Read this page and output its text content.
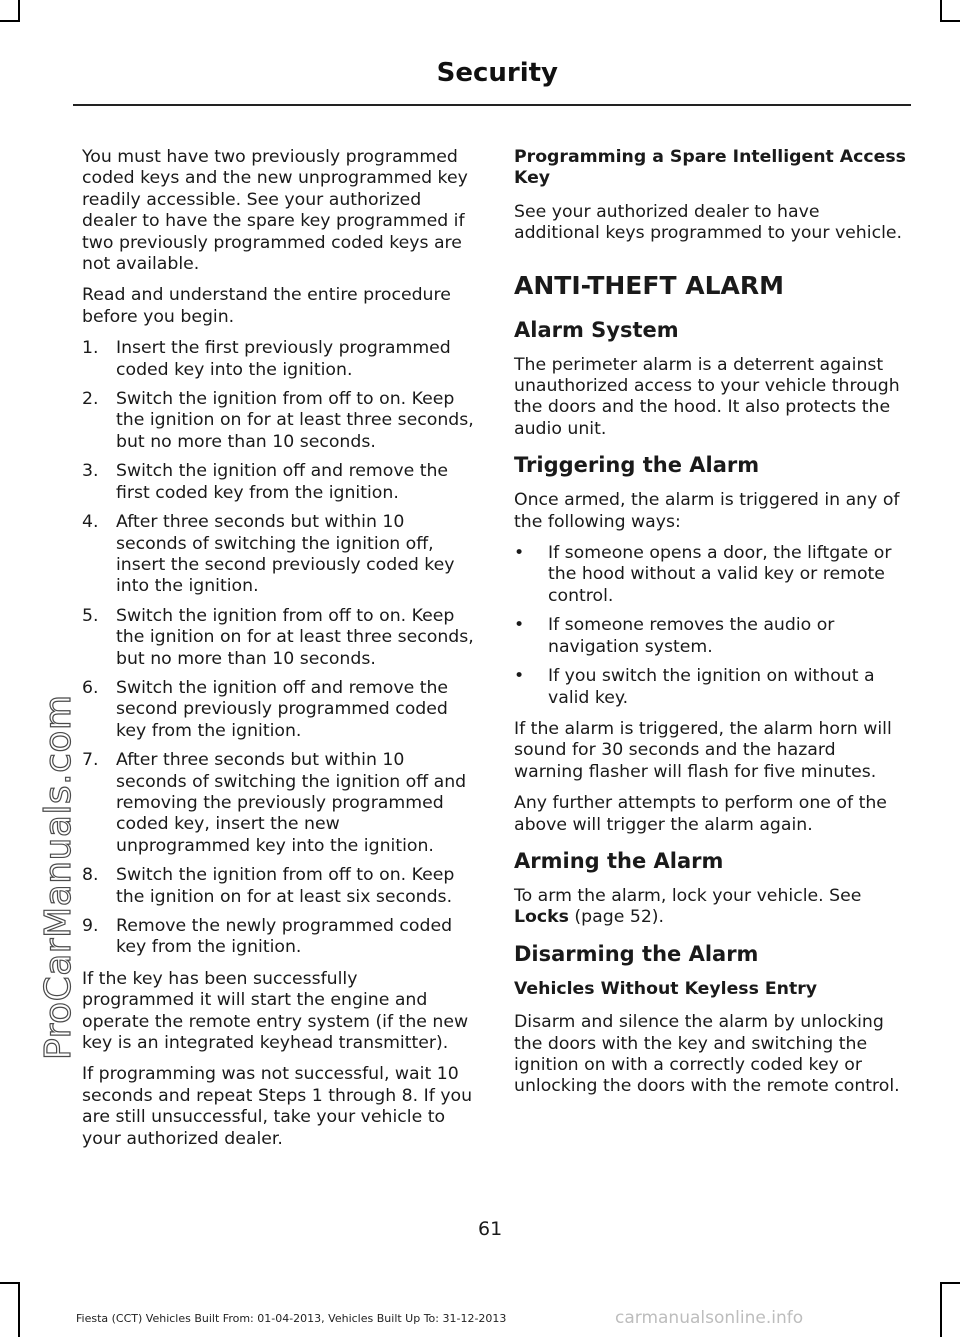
ProCarManuals.com
Security

You must have two previously programmed coded keys and the new unprogrammed key readily accessible. See your authorized dealer to have the spare key programmed if two previously programmed coded keys are not available.

Read and understand the entire procedure before you begin.

1. Insert the first previously programmed coded key into the ignition.
2. Switch the ignition from off to on. Keep the ignition on for at least three seconds, but no more than 10 seconds.
3. Switch the ignition off and remove the first coded key from the ignition.
4. After three seconds but within 10 seconds of switching the ignition off, insert the second previously coded key into the ignition.
5. Switch the ignition from off to on. Keep the ignition on for at least three seconds, but no more than 10 seconds.
6. Switch the ignition off and remove the second previously programmed coded key from the ignition.
7. After three seconds but within 10 seconds of switching the ignition off and removing the previously programmed coded key, insert the new unprogrammed key into the ignition.
8. Switch the ignition from off to on. Keep the ignition on for at least six seconds.
9. Remove the newly programmed coded key from the ignition.

If the key has been successfully programmed it will start the engine and operate the remote entry system (if the new key is an integrated keyhead transmitter).

If programming was not successful, wait 10 seconds and repeat Steps 1 through 8. If you are still unsuccessful, take your vehicle to your authorized dealer.

Programming a Spare Intelligent Access Key

See your authorized dealer to have additional keys programmed to your vehicle.

ANTI-THEFT ALARM
Alarm System

The perimeter alarm is a deterrent against unauthorized access to your vehicle through the doors and the hood. It also protects the audio unit.

Triggering the Alarm

Once armed, the alarm is triggered in any of the following ways:

• If someone opens a door, the liftgate or the hood without a valid key or remote control.
• If someone removes the audio or navigation system.
• If you switch the ignition on without a valid key.

If the alarm is triggered, the alarm horn will sound for 30 seconds and the hazard warning flasher will flash for five minutes.

Any further attempts to perform one of the above will trigger the alarm again.

Arming the Alarm

To arm the alarm, lock your vehicle. See Locks (page 52).

Disarming the Alarm
Vehicles Without Keyless Entry

Disarm and silence the alarm by unlocking the doors with the key and switching the ignition on with a correctly coded key or unlocking the doors with the remote control.

61
Fiesta (CCT) Vehicles Built From: 01-04-2013, Vehicles Built Up To: 31-12-2013	carmanualsonline.info
